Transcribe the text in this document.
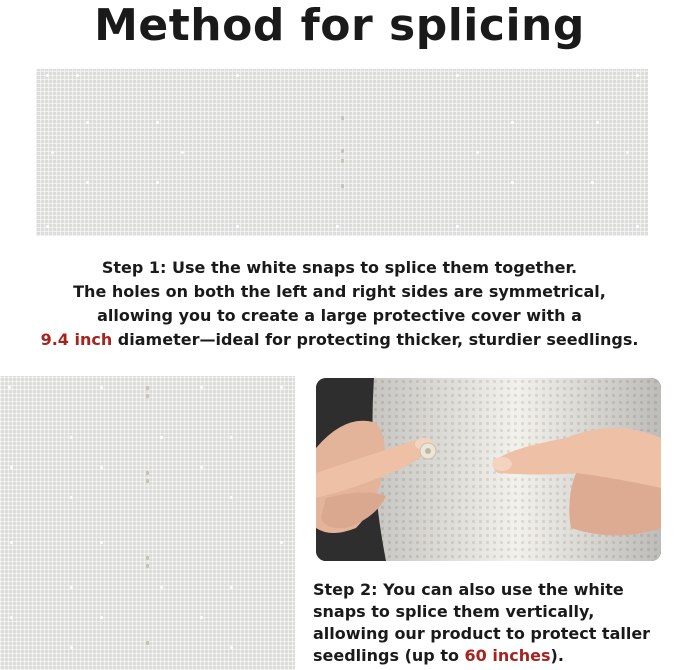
Method for splicing
Step 1: Use the white snaps to splice them together.
The holes on both the left and right sides are symmetrical,
allowing you to create a large protective cover with a
9.4 inch diameter—ideal for protecting thicker, sturdier seedlings.
Step 2: You can also use the white
snaps to splice them vertically,
allowing our product to protect taller
seedlings (up to 60 inches).
